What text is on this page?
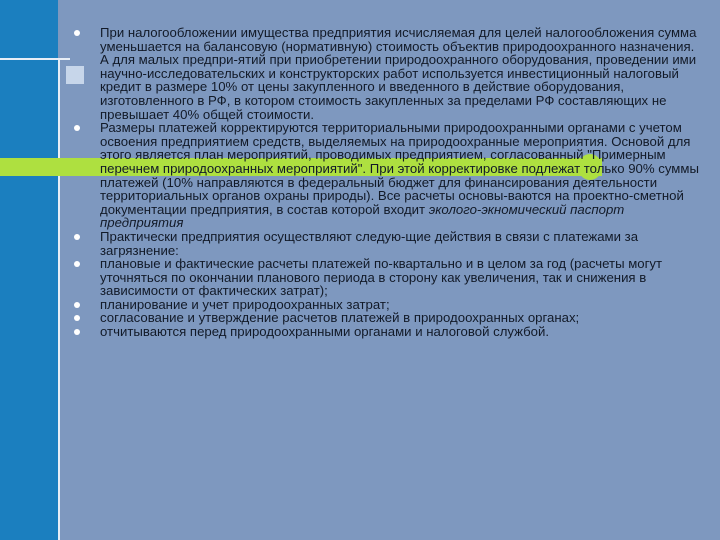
При налогообложении имущества предприятия исчисляемая для целей налогообложения сумма уменьшается на балансовую (нормативную) стоимость объектив природоохранного назначения. А для малых предпри-ятий при приобретении природоохранного оборудования, проведении ими научно-исследовательских и конструкторских работ используется инвестиционный налоговый кредит в размере 10% от цены закупленного и введенного в действие оборудования, изготовленного в РФ, в котором стоимость закупленных за пределами РФ составляющих не превышает 40% общей стоимости.
Размеры платежей корректируются территориальными природоохранными органами с учетом освоения предприятием средств, выделяемых на природоохранные мероприятия. Основой для этого является план мероприятий, проводимых предприятием, согласованный "Примерным перечнем природоохранных мероприятий". При этой корректировке подлежат только 90% суммы платежей (10% направляются в федеральный бюджет для финансирования деятельности территориальных органов охраны природы). Все расчеты основы-ваются на проектно-сметной документации предприятия, в состав которой входит эколого-экномический паспорт предприятия
Практически предприятия осуществляют следую-щие действия в связи с платежами за загрязнение:
плановые и фактические расчеты платежей по-квартально и в целом за год (расчеты могут уточняться по окончании планового периода в сторону как увеличения, так и снижения в зависимости от фактических затрат);
планирование и учет природоохранных затрат;
согласование и утверждение расчетов платежей в природоохранных органах;
отчитываются перед природоохранными органами и налоговой службой.
